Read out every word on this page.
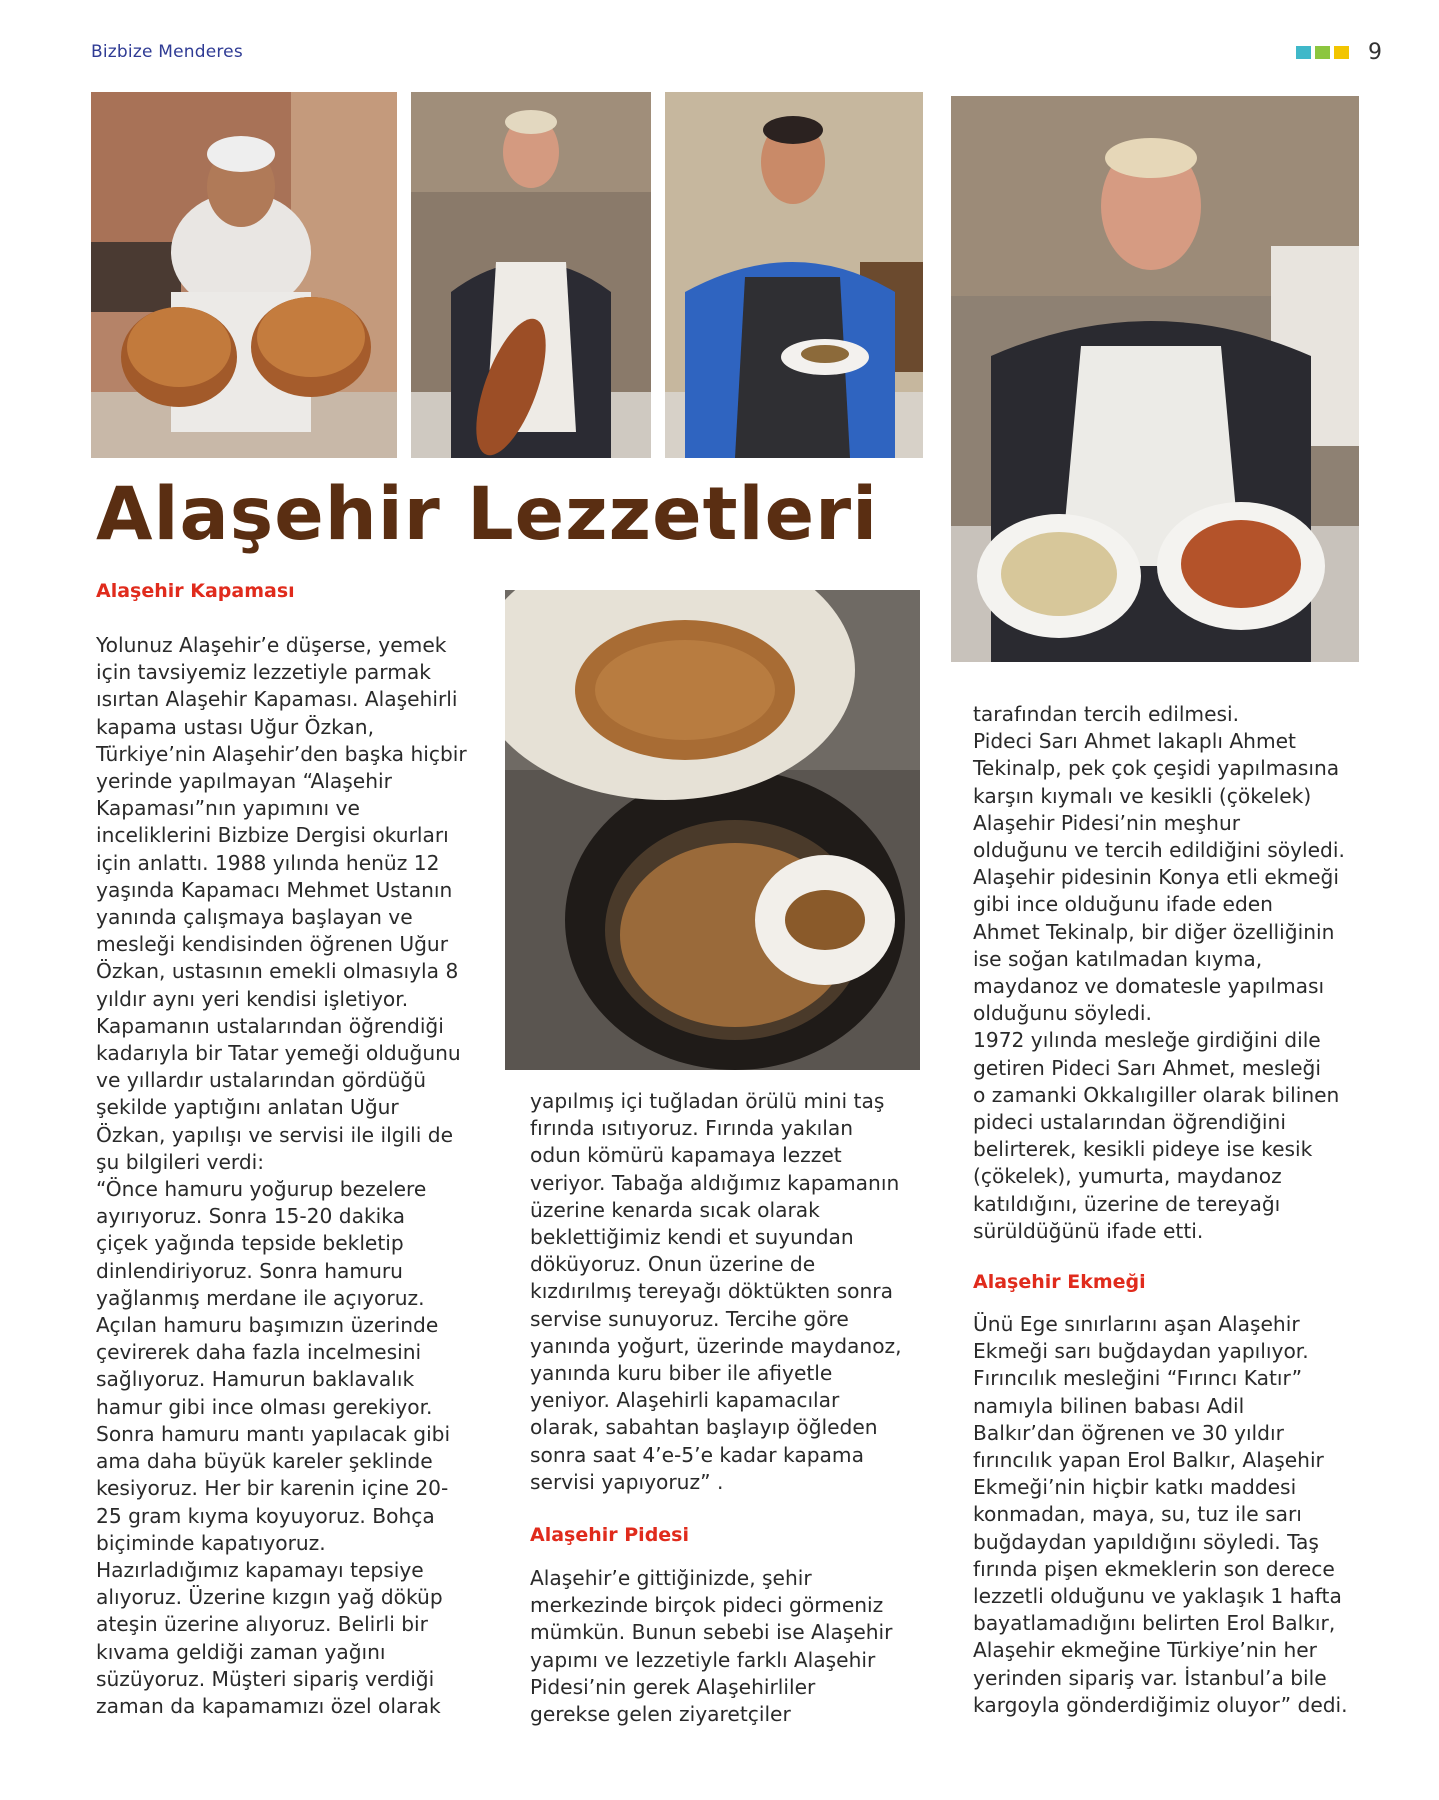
Bizbize Menderes	9
Alaşehir Lezzetleri
Alaşehir Kapaması

Yolunuz Alaşehir’e düşerse, yemek

için tavsiyemiz lezzetiyle parmak

ısırtan Alaşehir Kapaması. Alaşehirli

kapama ustası Uğur Özkan,

Türkiye’nin Alaşehir’den başka hiçbir

yerinde yapılmayan “Alaşehir

Kapaması”nın yapımını ve

inceliklerini Bizbize Dergisi okurları

için anlattı. 1988 yılında henüz 12

yaşında Kapamacı Mehmet Ustanın

yanında çalışmaya başlayan ve

mesleği kendisinden öğrenen Uğur

Özkan, ustasının emekli olmasıyla 8

yıldır aynı yeri kendisi işletiyor.

Kapamanın ustalarından öğrendiği

kadarıyla bir Tatar yemeği olduğunu

ve yıllardır ustalarından gördüğü

şekilde yaptığını anlatan Uğur

Özkan, yapılışı ve servisi ile ilgili de

şu bilgileri verdi:

“Önce hamuru yoğurup bezelere

ayırıyoruz. Sonra 15-20 dakika

çiçek yağında tepside bekletip

dinlendiriyoruz. Sonra hamuru

yağlanmış merdane ile açıyoruz.

Açılan hamuru başımızın üzerinde

çevirerek daha fazla incelmesini

sağlıyoruz. Hamurun baklavalık

hamur gibi ince olması gerekiyor.

Sonra hamuru mantı yapılacak gibi

ama daha büyük kareler şeklinde

kesiyoruz. Her bir karenin içine 20-

25 gram kıyma koyuyoruz. Bohça

biçiminde kapatıyoruz.

Hazırladığımız kapamayı tepsiye

alıyoruz. Üzerine kızgın yağ döküp

ateşin üzerine alıyoruz. Belirli bir

kıvama geldiği zaman yağını

süzüyoruz. Müşteri sipariş verdiği

zaman da kapamamızı özel olarak

yapılmış içi tuğladan örülü mini taş

fırında ısıtıyoruz. Fırında yakılan

odun kömürü kapamaya lezzet

veriyor. Tabağa aldığımız kapamanın

üzerine kenarda sıcak olarak

beklettiğimiz kendi et suyundan

döküyoruz. Onun üzerine de

kızdırılmış tereyağı döktükten sonra

servise sunuyoruz. Tercihe göre

yanında yoğurt, üzerinde maydanoz,

yanında kuru biber ile afiyetle

yeniyor. Alaşehirli kapamacılar

olarak, sabahtan başlayıp öğleden

sonra saat 4’e-5’e kadar kapama

servisi yapıyoruz” .

Alaşehir Pidesi

Alaşehir’e gittiğinizde, şehir

merkezinde birçok pideci görmeniz

mümkün. Bunun sebebi ise Alaşehir

yapımı ve lezzetiyle farklı Alaşehir

Pidesi’nin gerek Alaşehirliler

gerekse gelen ziyaretçiler

tarafından tercih edilmesi.

Pideci Sarı Ahmet lakaplı Ahmet

Tekinalp, pek çok çeşidi yapılmasına

karşın kıymalı ve kesikli (çökelek)

Alaşehir Pidesi’nin meşhur

olduğunu ve tercih edildiğini söyledi.

Alaşehir pidesinin Konya etli ekmeği

gibi ince olduğunu ifade eden

Ahmet Tekinalp, bir diğer özelliğinin

ise soğan katılmadan kıyma,

maydanoz ve domatesle yapılması

olduğunu söyledi.

1972 yılında mesleğe girdiğini dile

getiren Pideci Sarı Ahmet, mesleği

o zamanki Okkalıgiller olarak bilinen

pideci ustalarından öğrendiğini

belirterek, kesikli pideye ise kesik

(çökelek), yumurta, maydanoz

katıldığını, üzerine de tereyağı

sürüldüğünü ifade etti.

Alaşehir Ekmeği

Ünü Ege sınırlarını aşan Alaşehir

Ekmeği sarı buğdaydan yapılıyor.

Fırıncılık mesleğini “Fırıncı Katır”

namıyla bilinen babası Adil

Balkır’dan öğrenen ve 30 yıldır

fırıncılık yapan Erol Balkır, Alaşehir

Ekmeği’nin hiçbir katkı maddesi

konmadan, maya, su, tuz ile sarı

buğdaydan yapıldığını söyledi. Taş

fırında pişen ekmeklerin son derece

lezzetli olduğunu ve yaklaşık 1 hafta

bayatlamadığını belirten Erol Balkır,

Alaşehir ekmeğine Türkiye’nin her

yerinden sipariş var. İstanbul’a bile

kargoyla gönderdiğimiz oluyor” dedi.
